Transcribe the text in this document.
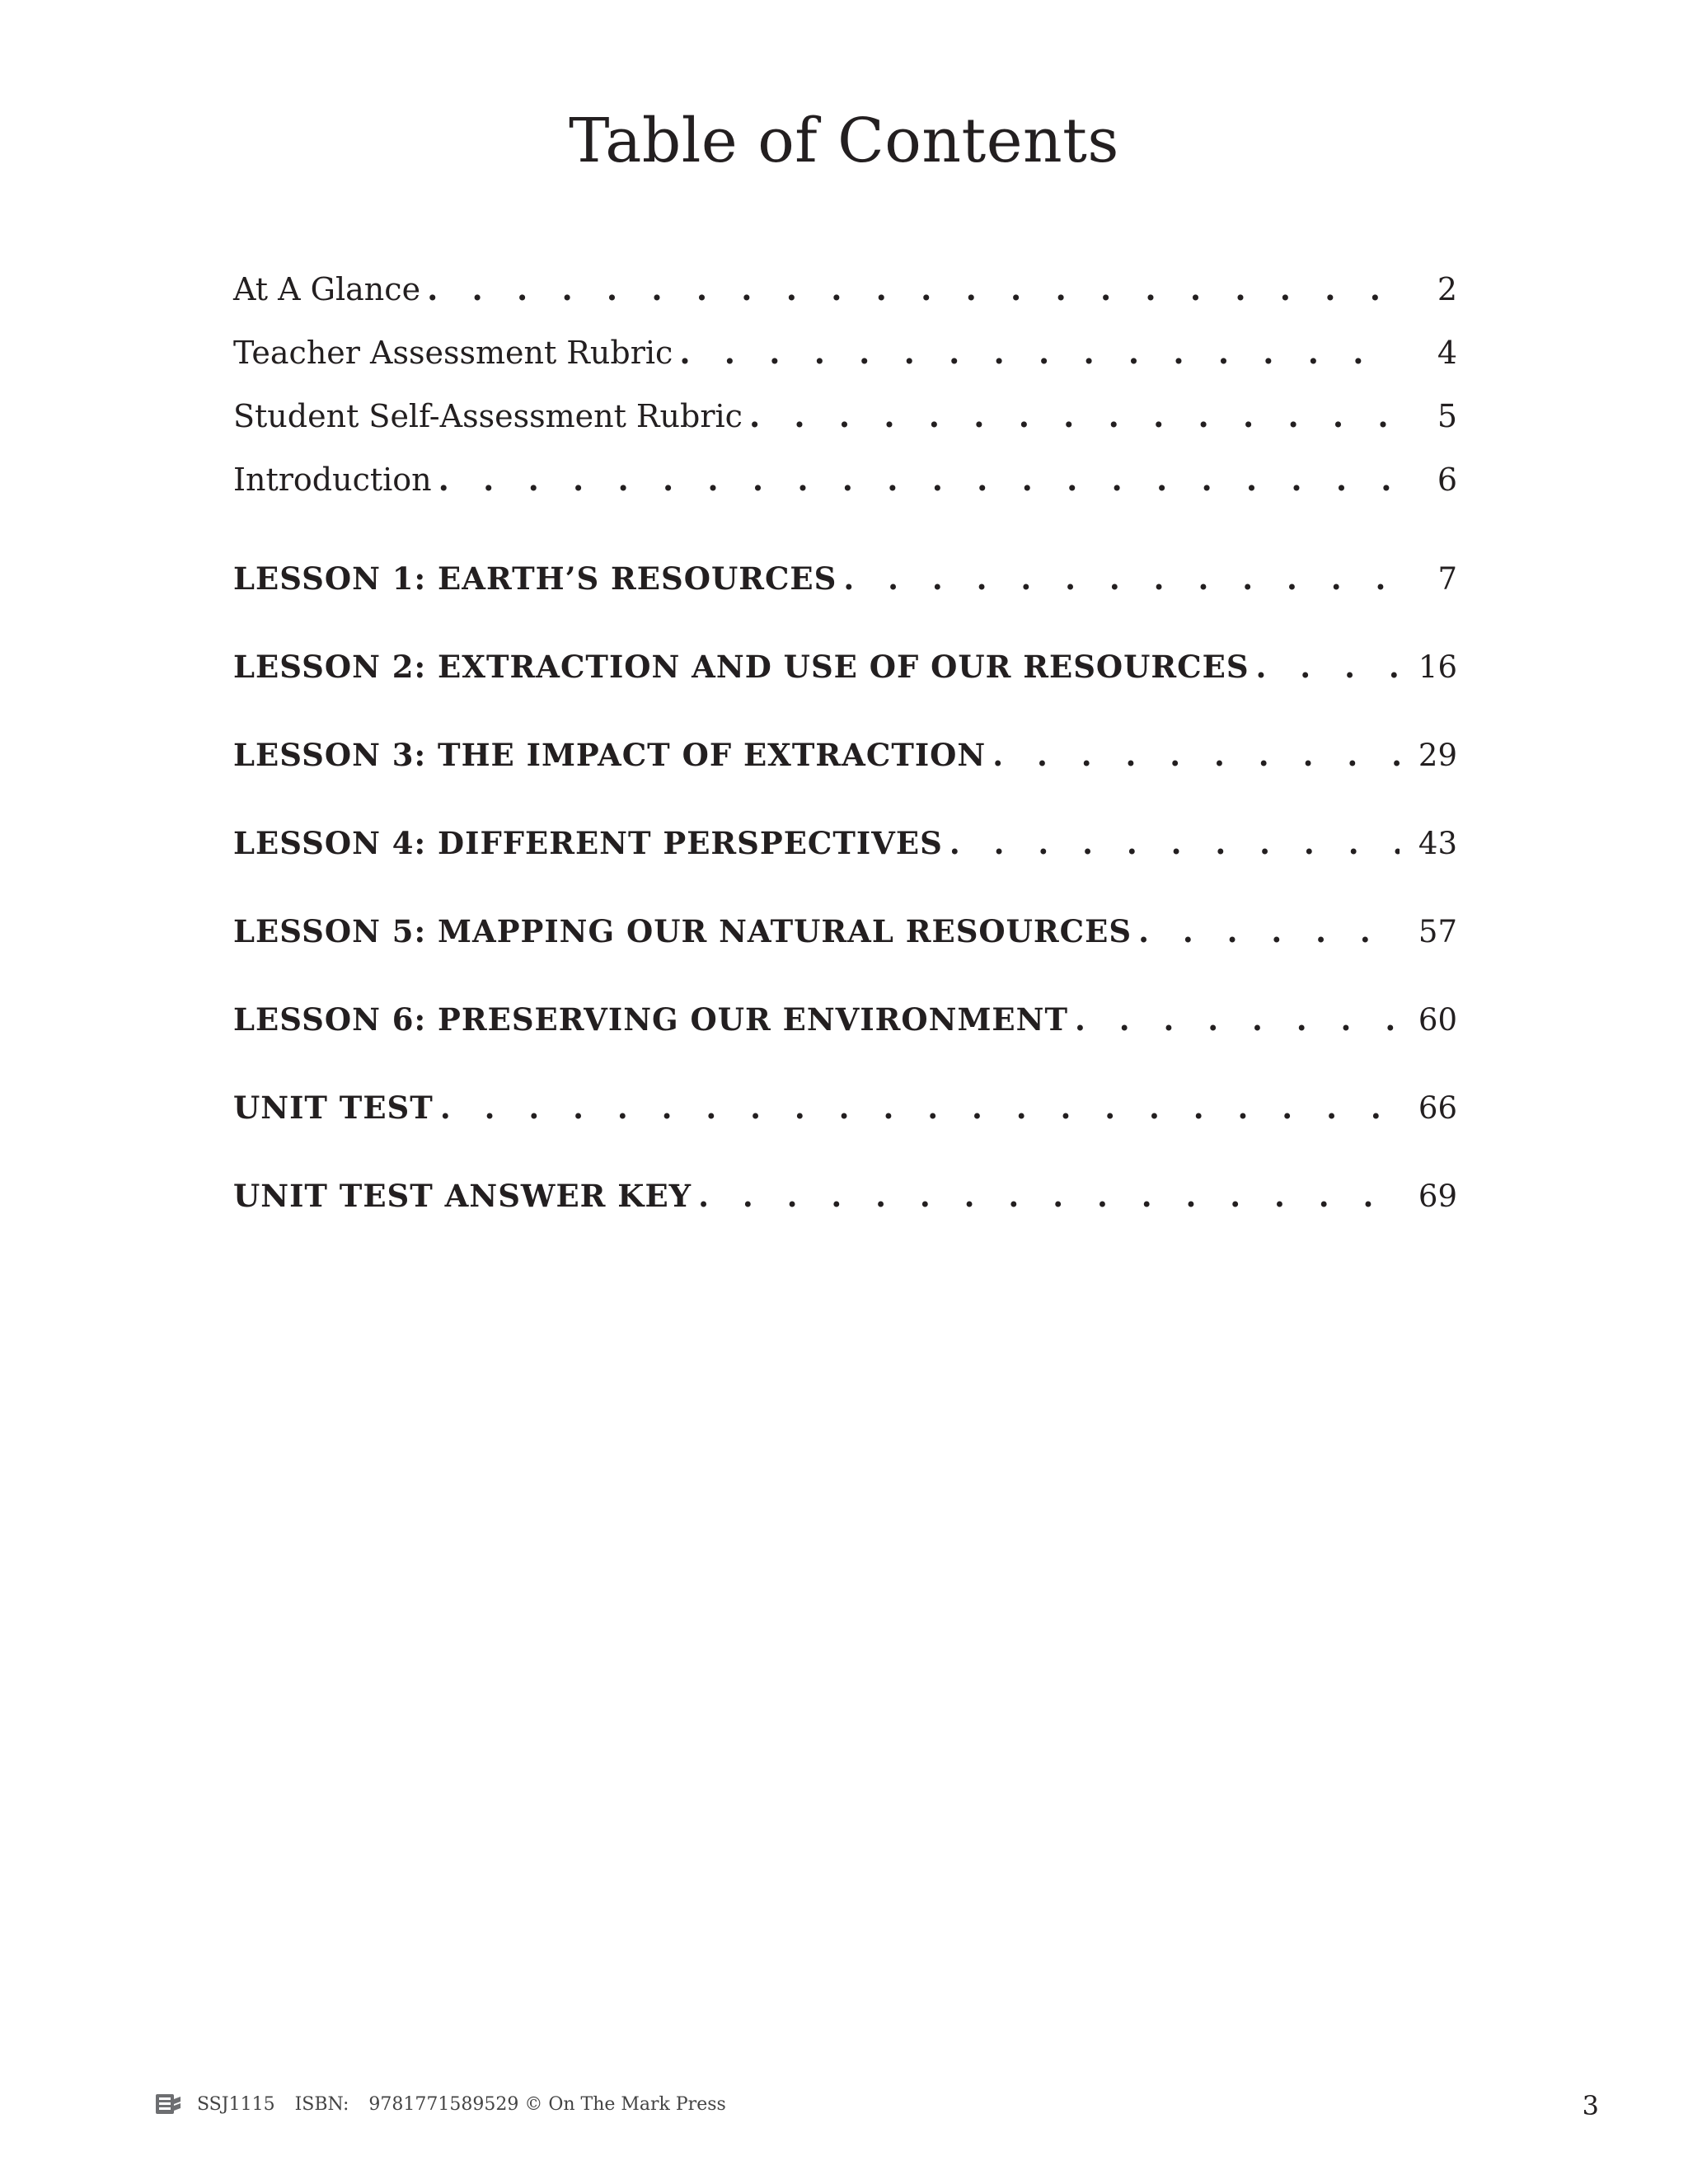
Table of Contents
At A Glance . . .	2
Teacher Assessment Rubric . . .	4
Student Self-Assessment Rubric . . .	5
Introduction . . .	6
LESSON 1: EARTH’S RESOURCES . . .	7
LESSON 2: EXTRACTION AND USE OF OUR RESOURCES . . .	16
LESSON 3: THE IMPACT OF EXTRACTION . . .	29
LESSON 4: DIFFERENT PERSPECTIVES . . .	43
LESSON 5: MAPPING OUR NATURAL RESOURCES . . .	57
LESSON 6: PRESERVING OUR ENVIRONMENT . . .	60
UNIT TEST . . .	66
UNIT TEST ANSWER KEY . . .	69
SSJ1115 ISBN: 9781771589529 © On The Mark Press	3
